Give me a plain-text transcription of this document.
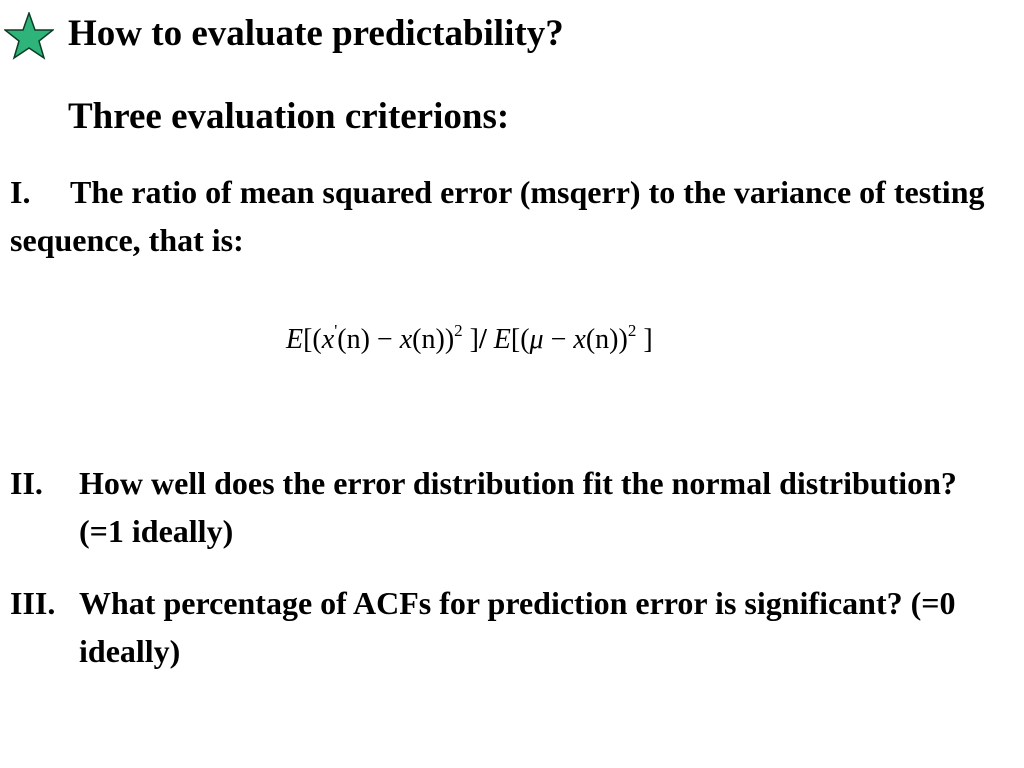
How to evaluate predictability?
Three evaluation criterions:
I. The ratio of mean squared error (msqerr) to the variance of testing sequence, that is:
$E[(x'(n) - x(n))^2$ ]/ $E[(\mu - x(n))^2$ ]
II. How well does the error distribution fit the normal distribution? (=1 ideally)
III. What percentage of ACFs for prediction error is significant? (=0 ideally)
